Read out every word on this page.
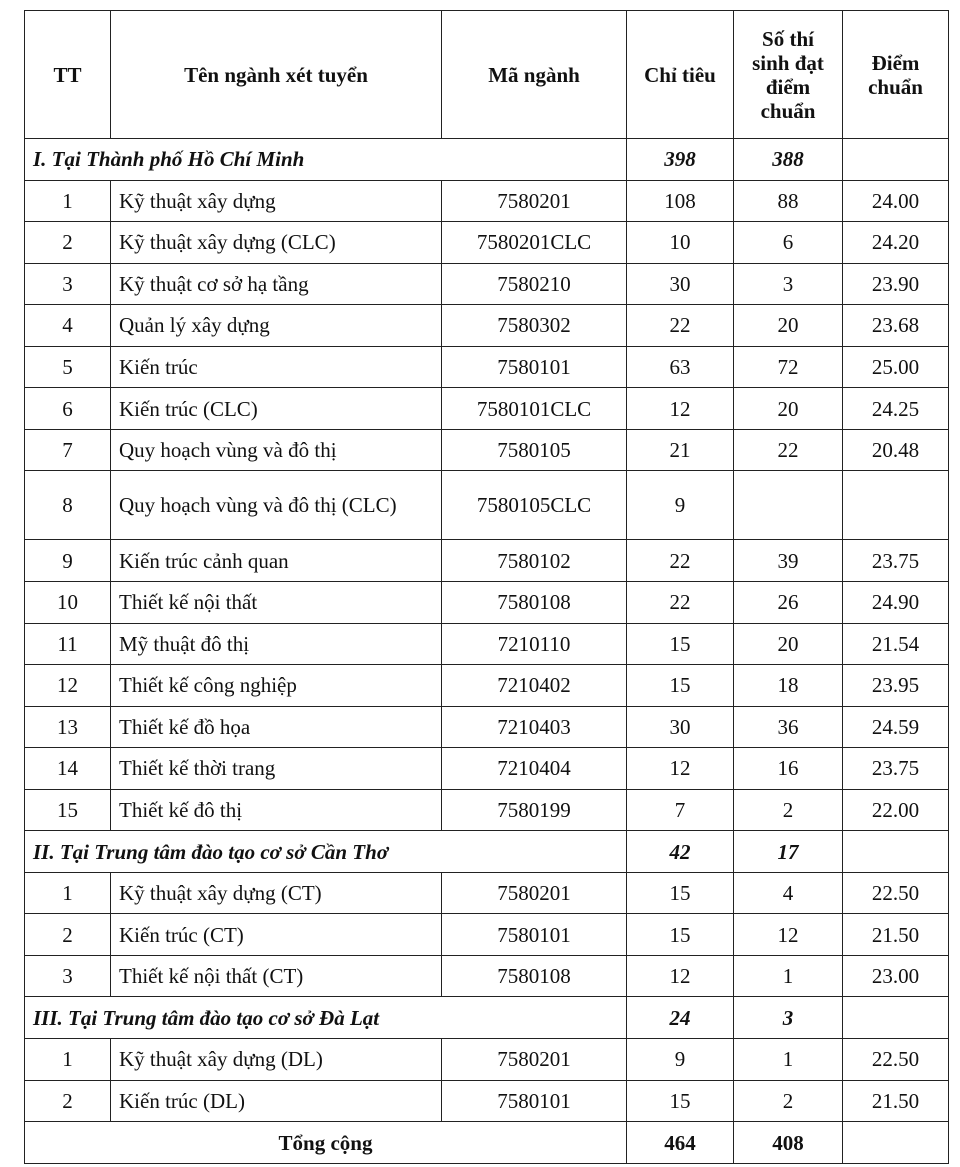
TT	Tên ngành xét tuyển	Mã ngành	Chỉ tiêu	Số thí sinh đạt điểm chuẩn	Điểm chuẩn
I. Tại Thành phố Hồ Chí Minh			398	388	
1	Kỹ thuật xây dựng	7580201	108	88	24.00
2	Kỹ thuật xây dựng (CLC)	7580201CLC	10	6	24.20
3	Kỹ thuật cơ sở hạ tầng	7580210	30	3	23.90
4	Quản lý xây dựng	7580302	22	20	23.68
5	Kiến trúc	7580101	63	72	25.00
6	Kiến trúc (CLC)	7580101CLC	12	20	24.25
7	Quy hoạch vùng và đô thị	7580105	21	22	20.48
8	Quy hoạch vùng và đô thị (CLC)	7580105CLC	9		
9	Kiến trúc cảnh quan	7580102	22	39	23.75
10	Thiết kế nội thất	7580108	22	26	24.90
11	Mỹ thuật đô thị	7210110	15	20	21.54
12	Thiết kế công nghiệp	7210402	15	18	23.95
13	Thiết kế đồ họa	7210403	30	36	24.59
14	Thiết kế thời trang	7210404	12	16	23.75
15	Thiết kế đô thị	7580199	7	2	22.00
II. Tại Trung tâm đào tạo cơ sở Cần Thơ			42	17	
1	Kỹ thuật xây dựng (CT)	7580201	15	4	22.50
2	Kiến trúc (CT)	7580101	15	12	21.50
3	Thiết kế nội thất (CT)	7580108	12	1	23.00
III. Tại Trung tâm đào tạo cơ sở Đà Lạt			24	3	
1	Kỹ thuật xây dựng (DL)	7580201	9	1	22.50
2	Kiến trúc (DL)	7580101	15	2	21.50
Tổng cộng			464	408	
